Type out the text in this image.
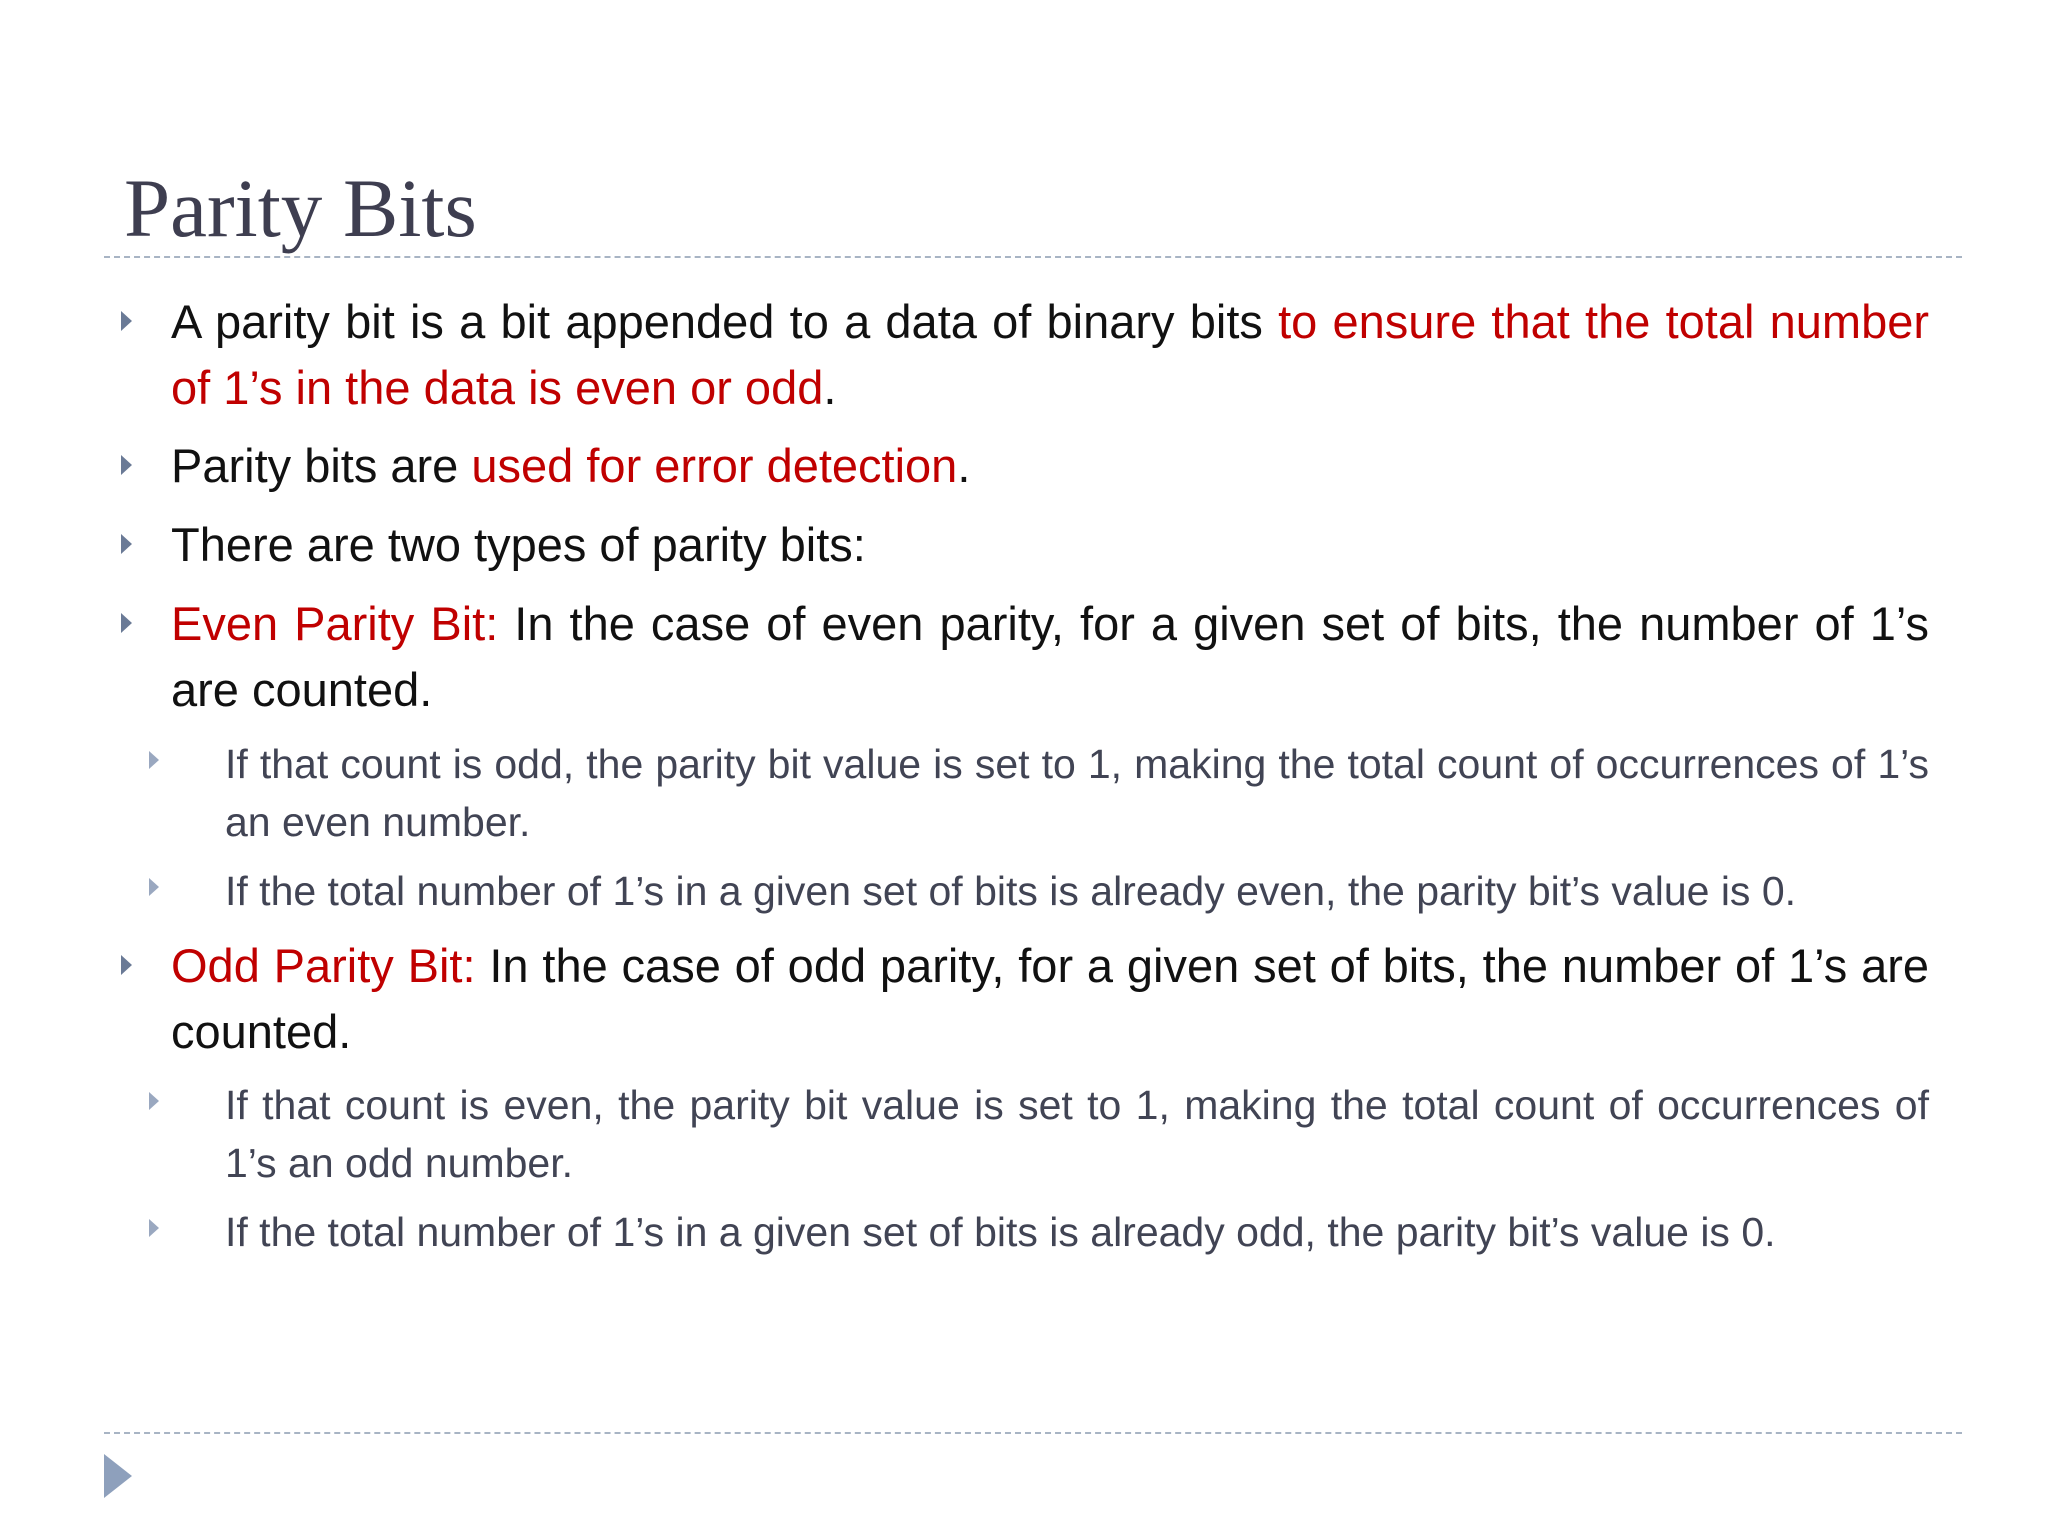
Parity Bits

A parity bit is a bit appended to a data of binary bits to ensure that the total number of 1’s in the data is even or odd.

Parity bits are used for error detection.

There are two types of parity bits:

Even Parity Bit: In the case of even parity, for a given set of bits, the number of 1’s are counted.

If that count is odd, the parity bit value is set to 1, making the total count of occurrences of 1’s an even number.

If the total number of 1’s in a given set of bits is already even, the parity bit’s value is 0.

Odd Parity Bit: In the case of odd parity, for a given set of bits, the number of 1’s are counted.

If that count is even, the parity bit value is set to 1, making the total count of occurrences of 1’s an odd number.

If the total number of 1’s in a given set of bits is already odd, the parity bit’s value is 0.
